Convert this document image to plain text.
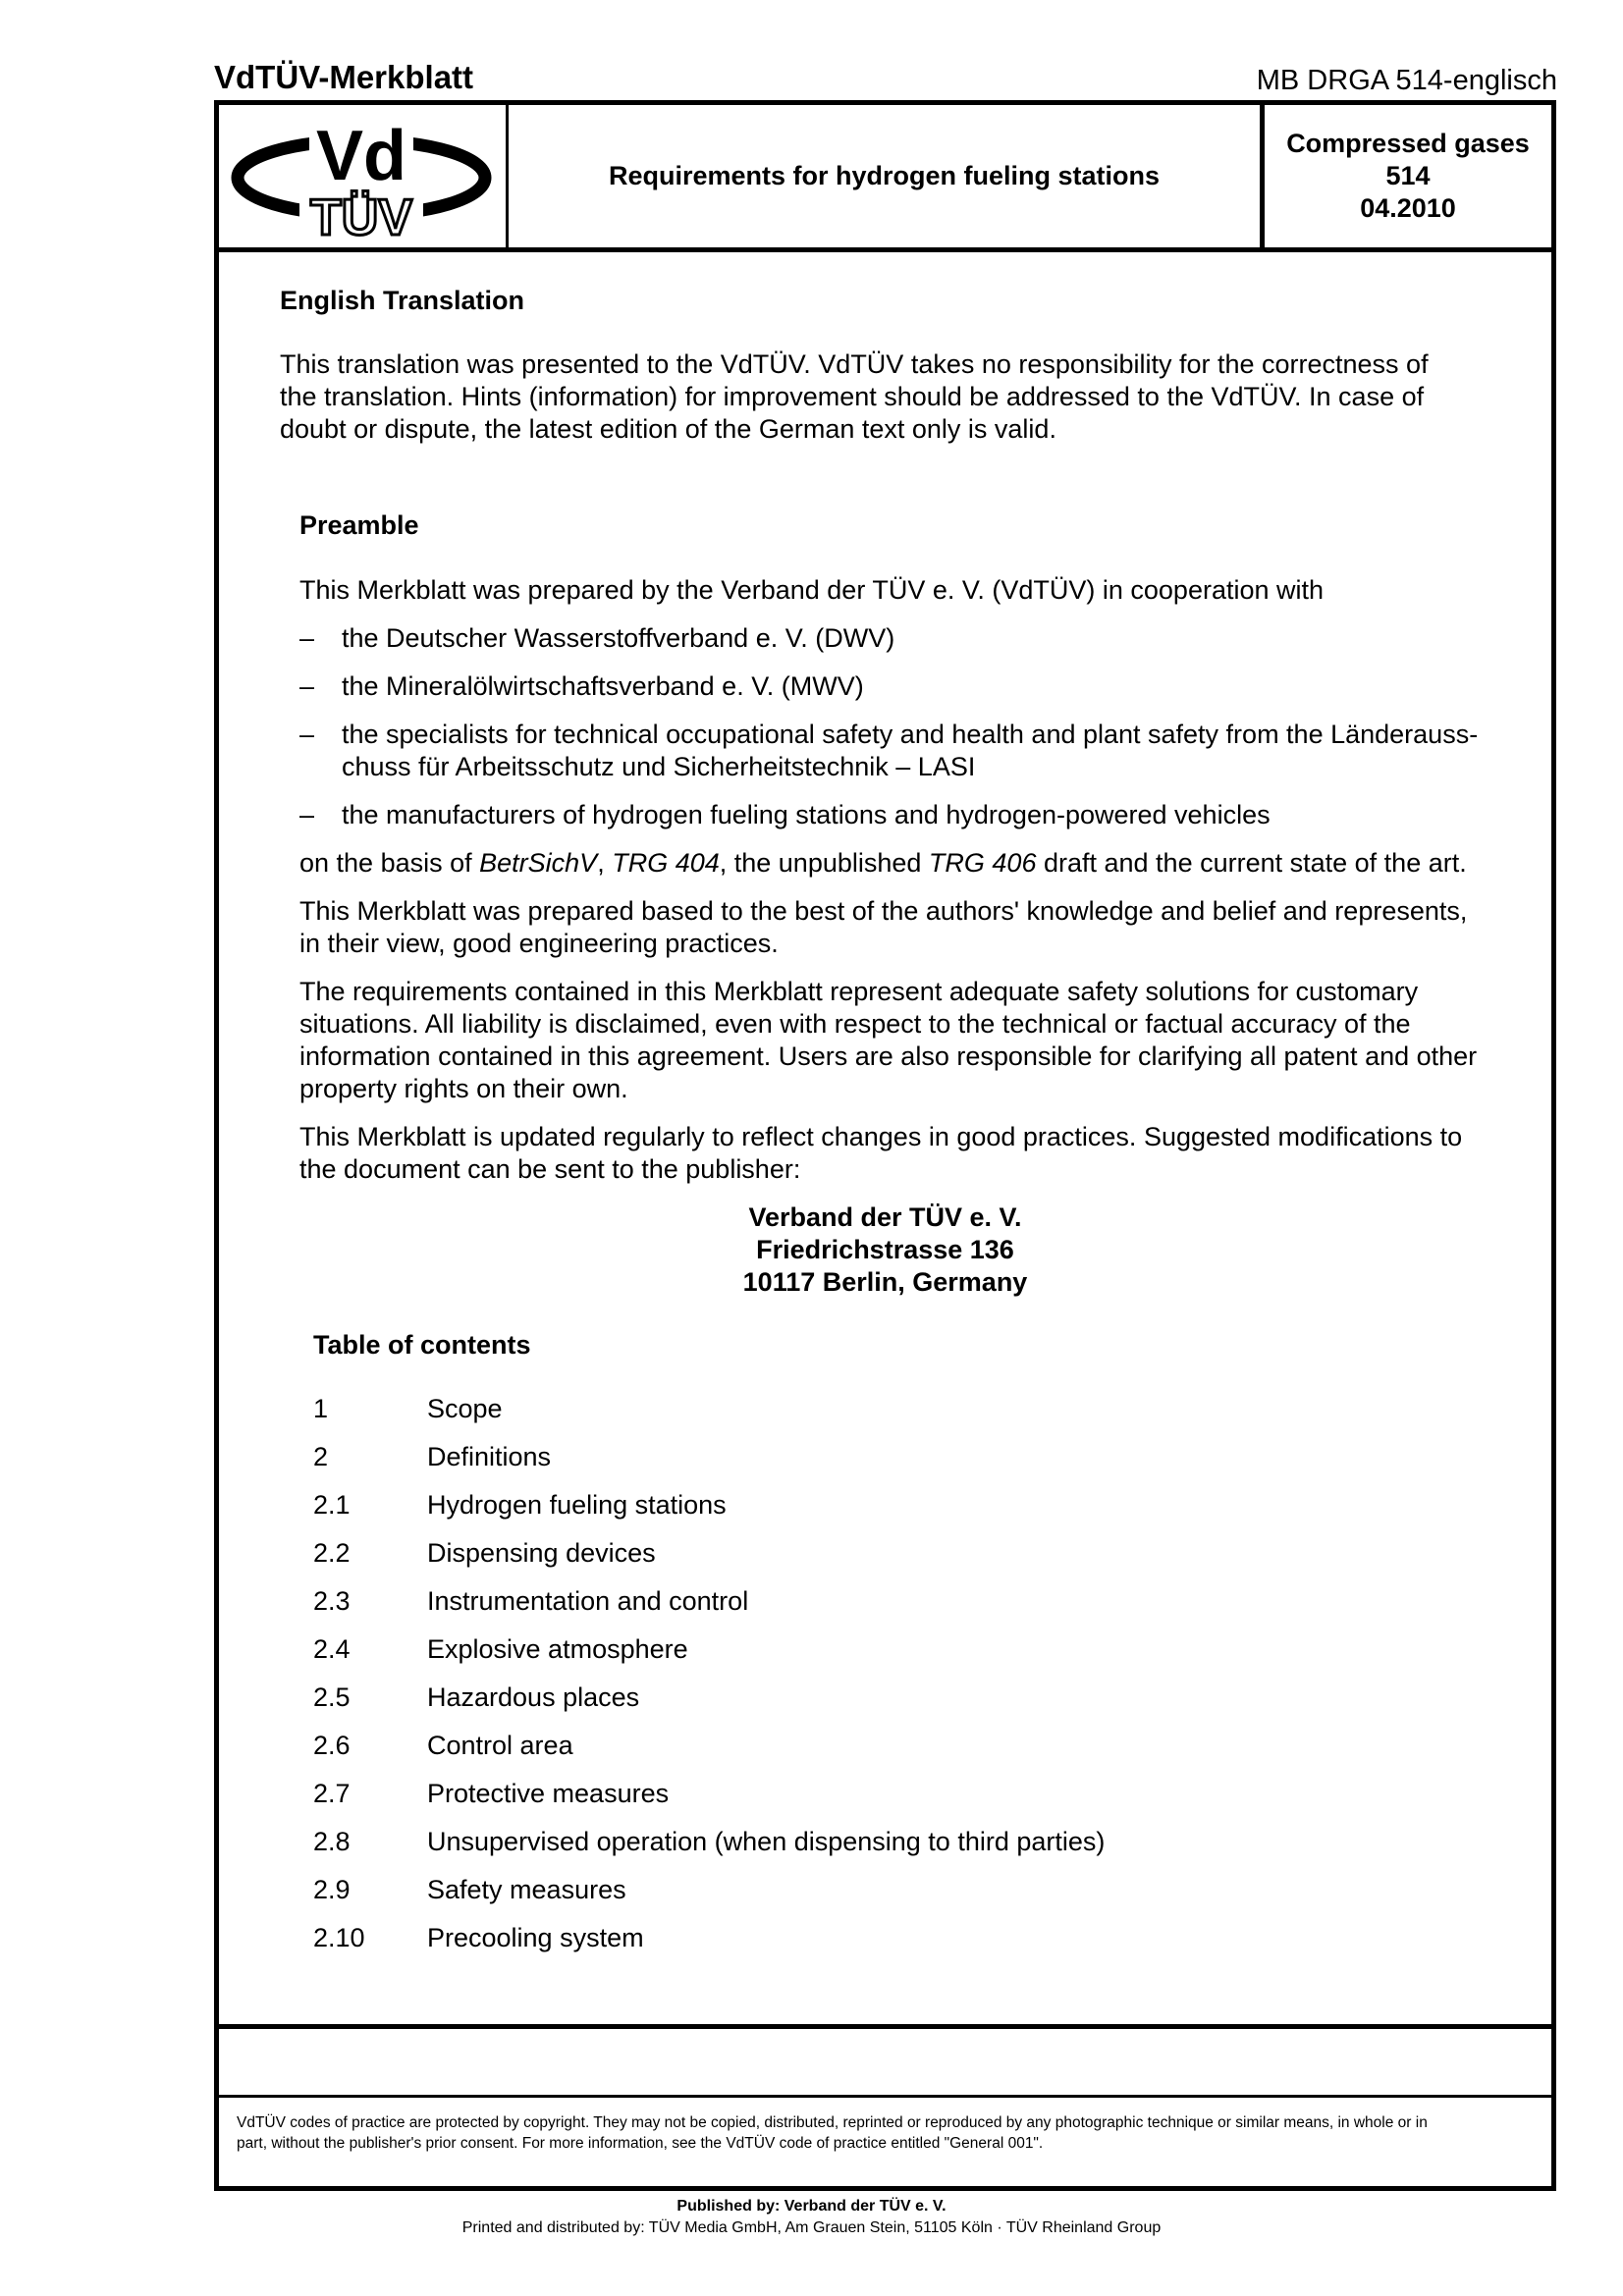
VdTÜV-Merkblatt	MB DRGA 514-englisch
Vd
TÜV
Requirements for hydrogen fueling stations
Compressed gases
514
04.2010
English Translation
This translation was presented to the VdTÜV. VdTÜV takes no responsibility for the correctness of
the translation. Hints (information) for improvement should be addressed to the VdTÜV. In case of
doubt or dispute, the latest edition of the German text only is valid.
Preamble
This Merkblatt was prepared by the Verband der TÜV e. V. (VdTÜV) in cooperation with
– the Deutscher Wasserstoffverband e. V. (DWV)
– the Mineralölwirtschaftsverband e. V. (MWV)
– the specialists for technical occupational safety and health and plant safety from the Länderauss-
chuss für Arbeitsschutz und Sicherheitstechnik – LASI
– the manufacturers of hydrogen fueling stations and hydrogen-powered vehicles
on the basis of BetrSichV, TRG 404, the unpublished TRG 406 draft and the current state of the art.
This Merkblatt was prepared based to the best of the authors' knowledge and belief and represents,
in their view, good engineering practices.
The requirements contained in this Merkblatt represent adequate safety solutions for customary
situations. All liability is disclaimed, even with respect to the technical or factual accuracy of the
information contained in this agreement. Users are also responsible for clarifying all patent and other
property rights on their own.
This Merkblatt is updated regularly to reflect changes in good practices. Suggested modifications to
the document can be sent to the publisher:
Verband der TÜV e. V.
Friedrichstrasse 136
10117 Berlin, Germany
Table of contents
1	Scope
2	Definitions
2.1	Hydrogen fueling stations
2.2	Dispensing devices
2.3	Instrumentation and control
2.4	Explosive atmosphere
2.5	Hazardous places
2.6	Control area
2.7	Protective measures
2.8	Unsupervised operation (when dispensing to third parties)
2.9	Safety measures
2.10 Precooling system
VdTÜV codes of practice are protected by copyright. They may not be copied, distributed, reprinted or reproduced by any photographic technique or similar means, in whole or in
part, without the publisher's prior consent. For more information, see the VdTÜV code of practice entitled "General 001".
Published by: Verband der TÜV e. V.
Printed and distributed by: TÜV Media GmbH, Am Grauen Stein, 51105 Köln · TÜV Rheinland Group
